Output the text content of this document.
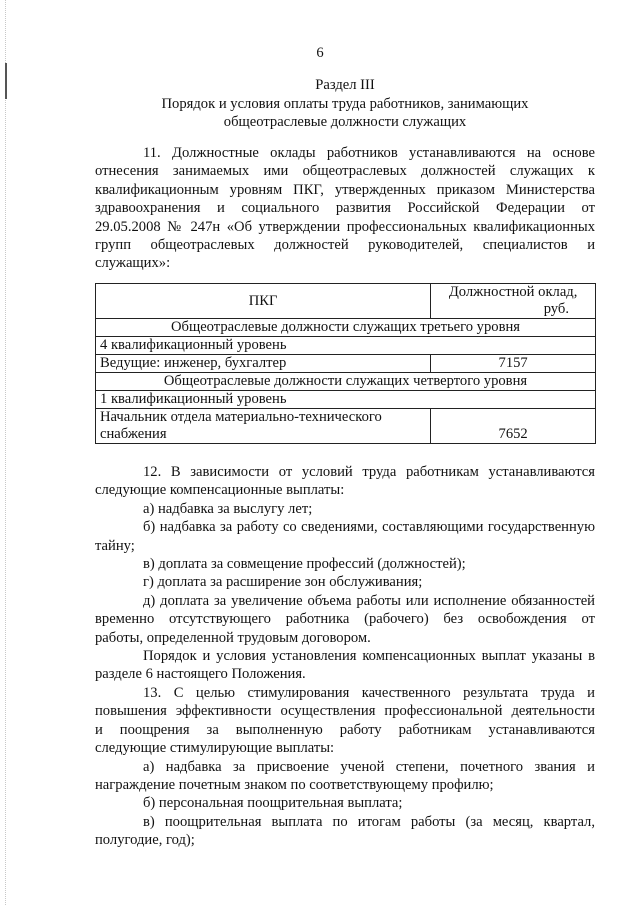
6
Раздел III
Порядок и условия оплаты труда работников, занимающих
общеотраслевые должности служащих
11. Должностные оклады работников устанавливаются на основе
отнесения занимаемых ими общеотраслевых должностей служащих к
квалификационным уровням ПКГ, утвержденных приказом Министерства
здравоохранения и социального развития Российской Федерации от
29.05.2008 № 247н «Об утверждении профессиональных квалификационных
групп общеотраслевых должностей руководителей, специалистов и
служащих»:
ПКГ	Должностной оклад,
руб.

Общеотраслевые должности служащих третьего уровня	
4 квалификационный уровень	
Ведущие: инженер, бухгалтер	7157
Общеотраслевые должности служащих четвертого уровня	
1 квалификационный уровень	

Начальник отдела материально-технического
снабжения	7652
12. В зависимости от условий труда работникам устанавливаются
следующие компенсационные выплаты:
а) надбавка за выслугу лет;
б) надбавка за работу со сведениями, составляющими государственную
тайну;
в) доплата за совмещение профессий (должностей);
г) доплата за расширение зон обслуживания;
д) доплата за увеличение объема работы или исполнение обязанностей
временно отсутствующего работника (рабочего) без освобождения от
работы, определенной трудовым договором.
Порядок и условия установления компенсационных выплат указаны в
разделе 6 настоящего Положения.
13. С целью стимулирования качественного результата труда и
повышения эффективности осуществления профессиональной деятельности
и поощрения за выполненную работу работникам устанавливаются
следующие стимулирующие выплаты:
а) надбавка за присвоение ученой степени, почетного звания и
награждение почетным знаком по соответствующему профилю;
б) персональная поощрительная выплата;
в) поощрительная выплата по итогам работы (за месяц, квартал,
полугодие, год);
